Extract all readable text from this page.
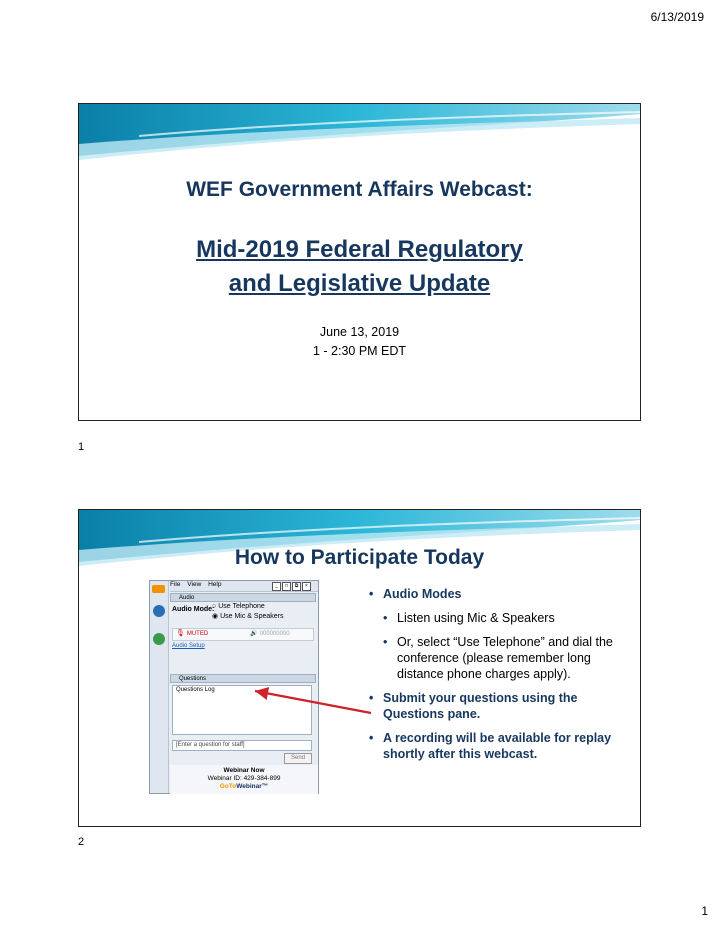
6/13/2019
WEF Government Affairs Webcast:
Mid-2019 Federal Regulatory
and Legislative Update
June 13, 2019
1 - 2:30 PM EDT
1
How to Participate Today
File View Help	_ □ ⧉ ×
Audio
Audio Mode:
○ Use Telephone
◉ Use Mic & Speakers
🎙 MUTED	🔊 000000000
Audio Setup
Questions
Questions Log
[Enter a question for staff]
Send
Webinar Now
Webinar ID: 429-384-899
GoToWebinar™
• Audio Modes
• Listen using Mic & Speakers
• Or, select “Use Telephone” and dial the conference (please remember long distance phone charges apply).
• Submit your questions using the Questions pane.
• A recording will be available for replay shortly after this webcast.
2
1
